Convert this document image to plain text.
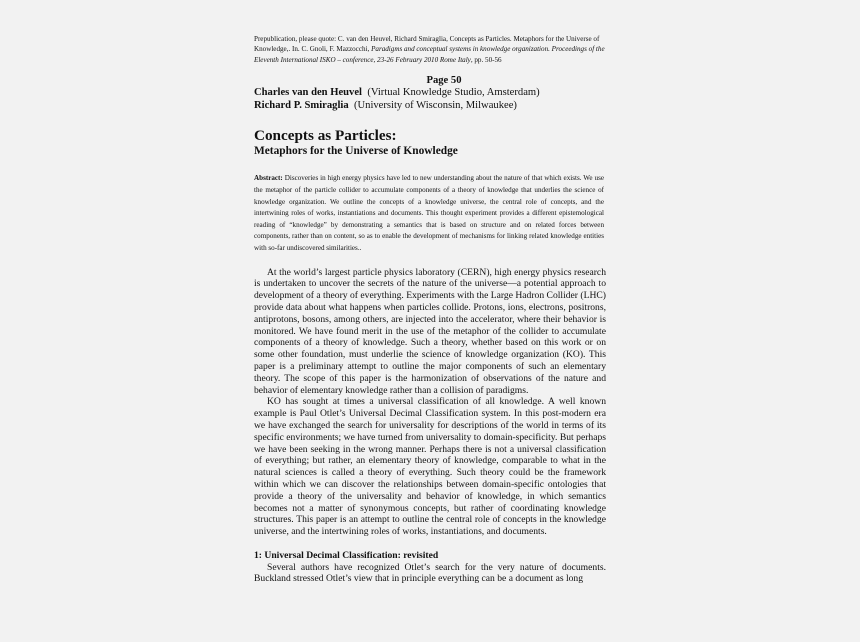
Prepublication, please quote: C. van den Heuvel, Richard Smiraglia, Concepts as Particles. Metaphors for the Universe of Knowledge,. In. C. Gnoli, F. Mazzocchi, Paradigms and conceptual systems in knowledge organization. Proceedings of the Eleventh International ISKO – conference, 23-26 February 2010 Rome Italy, pp. 50-56

Page 50

Charles van den Heuvel (Virtual Knowledge Studio, Amsterdam)

Richard P. Smiraglia (University of Wisconsin, Milwaukee)

Concepts as Particles:

Metaphors for the Universe of Knowledge

Abstract: Discoveries in high energy physics have led to new understanding about the nature of that which exists. We use the metaphor of the particle collider to accumulate components of a theory of knowledge that underlies the science of knowledge organization. We outline the concepts of a knowledge universe, the central role of concepts, and the intertwining roles of works, instantiations and documents. This thought experiment provides a different epistemological reading of “knowledge” by demonstrating a semantics that is based on structure and on related forces between components, rather than on content, so as to enable the development of mechanisms for linking related knowledge entities with so-far undiscovered similarities..

At the world’s largest particle physics laboratory (CERN), high energy physics research is undertaken to uncover the secrets of the nature of the universe—a potential approach to development of a theory of everything. Experiments with the Large Hadron Collider (LHC) provide data about what happens when particles collide. Protons, ions, electrons, positrons, antiprotons, bosons, among others, are injected into the accelerator, where their behavior is monitored. We have found merit in the use of the metaphor of the collider to accumulate components of a theory of knowledge. Such a theory, whether based on this work or on some other foundation, must underlie the science of knowledge organization (KO). This paper is a preliminary attempt to outline the major components of such an elementary theory. The scope of this paper is the harmonization of observations of the nature and behavior of elementary knowledge rather than a collision of paradigms.

KO has sought at times a universal classification of all knowledge. A well known example is Paul Otlet’s Universal Decimal Classification system. In this post-modern era we have exchanged the search for universality for descriptions of the world in terms of its specific environments; we have turned from universality to domain-specificity. But perhaps we have been seeking in the wrong manner. Perhaps there is not a universal classification of everything; but rather, an elementary theory of knowledge, comparable to what in the natural sciences is called a theory of everything. Such theory could be the framework within which we can discover the relationships between domain-specific ontologies that provide a theory of the universality and behavior of knowledge, in which semantics becomes not a matter of synonymous concepts, but rather of coordinating knowledge structures. This paper is an attempt to outline the central role of concepts in the knowledge universe, and the intertwining roles of works, instantiations, and documents.

1: Universal Decimal Classification: revisited

Several authors have recognized Otlet’s search for the very nature of documents. Buckland stressed Otlet’s view that in principle everything can be a document as long
